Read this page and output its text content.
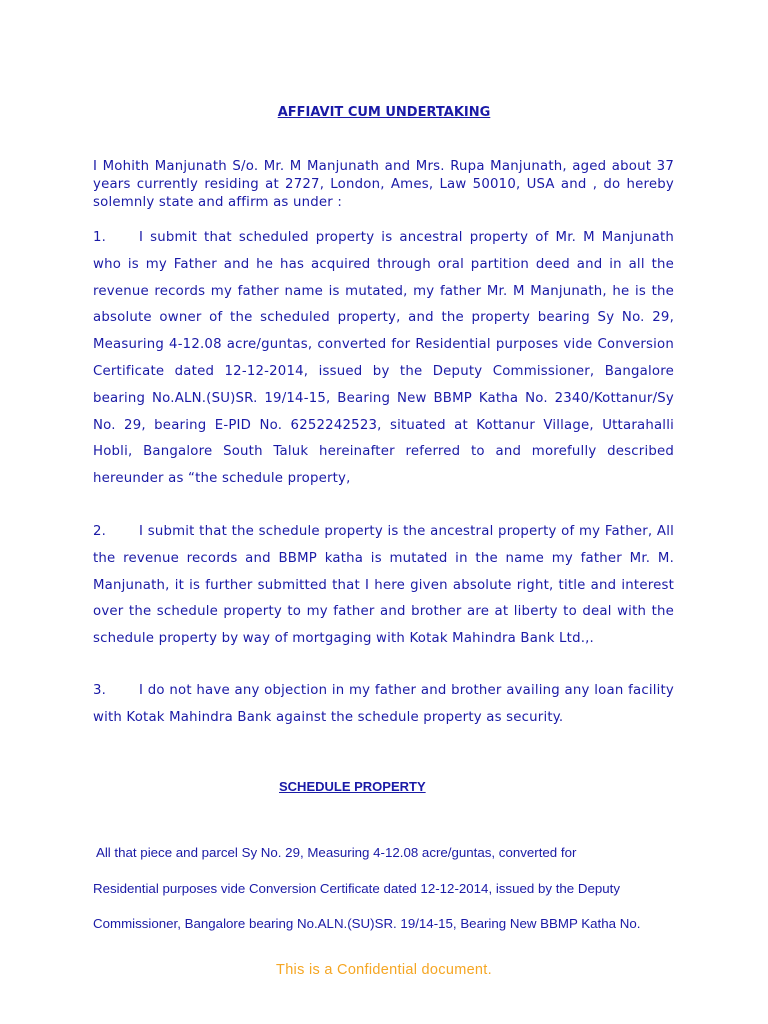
AFFIAVIT CUM UNDERTAKING
I Mohith Manjunath S/o. Mr. M Manjunath and Mrs. Rupa Manjunath, aged about 37 years currently residing at 2727, London, Ames, Law 50010, USA and , do hereby solemnly state and affirm as under :
1. I submit that scheduled property is ancestral property of Mr. M Manjunath who is my Father and he has acquired through oral partition deed and in all the revenue records my father name is mutated, my father Mr. M Manjunath, he is the absolute owner of the scheduled property, and the property bearing Sy No. 29, Measuring 4-12.08 acre/guntas, converted for Residential purposes vide Conversion Certificate dated 12-12-2014, issued by the Deputy Commissioner, Bangalore bearing No.ALN.(SU)SR. 19/14-15, Bearing New BBMP Katha No. 2340/Kottanur/Sy No. 29, bearing E-PID No. 6252242523, situated at Kottanur Village, Uttarahalli Hobli, Bangalore South Taluk hereinafter referred to and morefully described hereunder as “the schedule property,
2. I submit that the schedule property is the ancestral property of my Father, All the revenue records and BBMP katha is mutated in the name my father Mr. M. Manjunath, it is further submitted that I here given absolute right, title and interest over the schedule property to my father and brother are at liberty to deal with the schedule property by way of mortgaging with Kotak Mahindra Bank Ltd.,.
3. I do not have any objection in my father and brother availing any loan facility with Kotak Mahindra Bank against the schedule property as security.
SCHEDULE PROPERTY
All that piece and parcel Sy No. 29, Measuring 4-12.08 acre/guntas, converted for
Residential purposes vide Conversion Certificate dated 12-12-2014, issued by the Deputy
Commissioner, Bangalore bearing No.ALN.(SU)SR. 19/14-15, Bearing New BBMP Katha No.
This is a Confidential document.
